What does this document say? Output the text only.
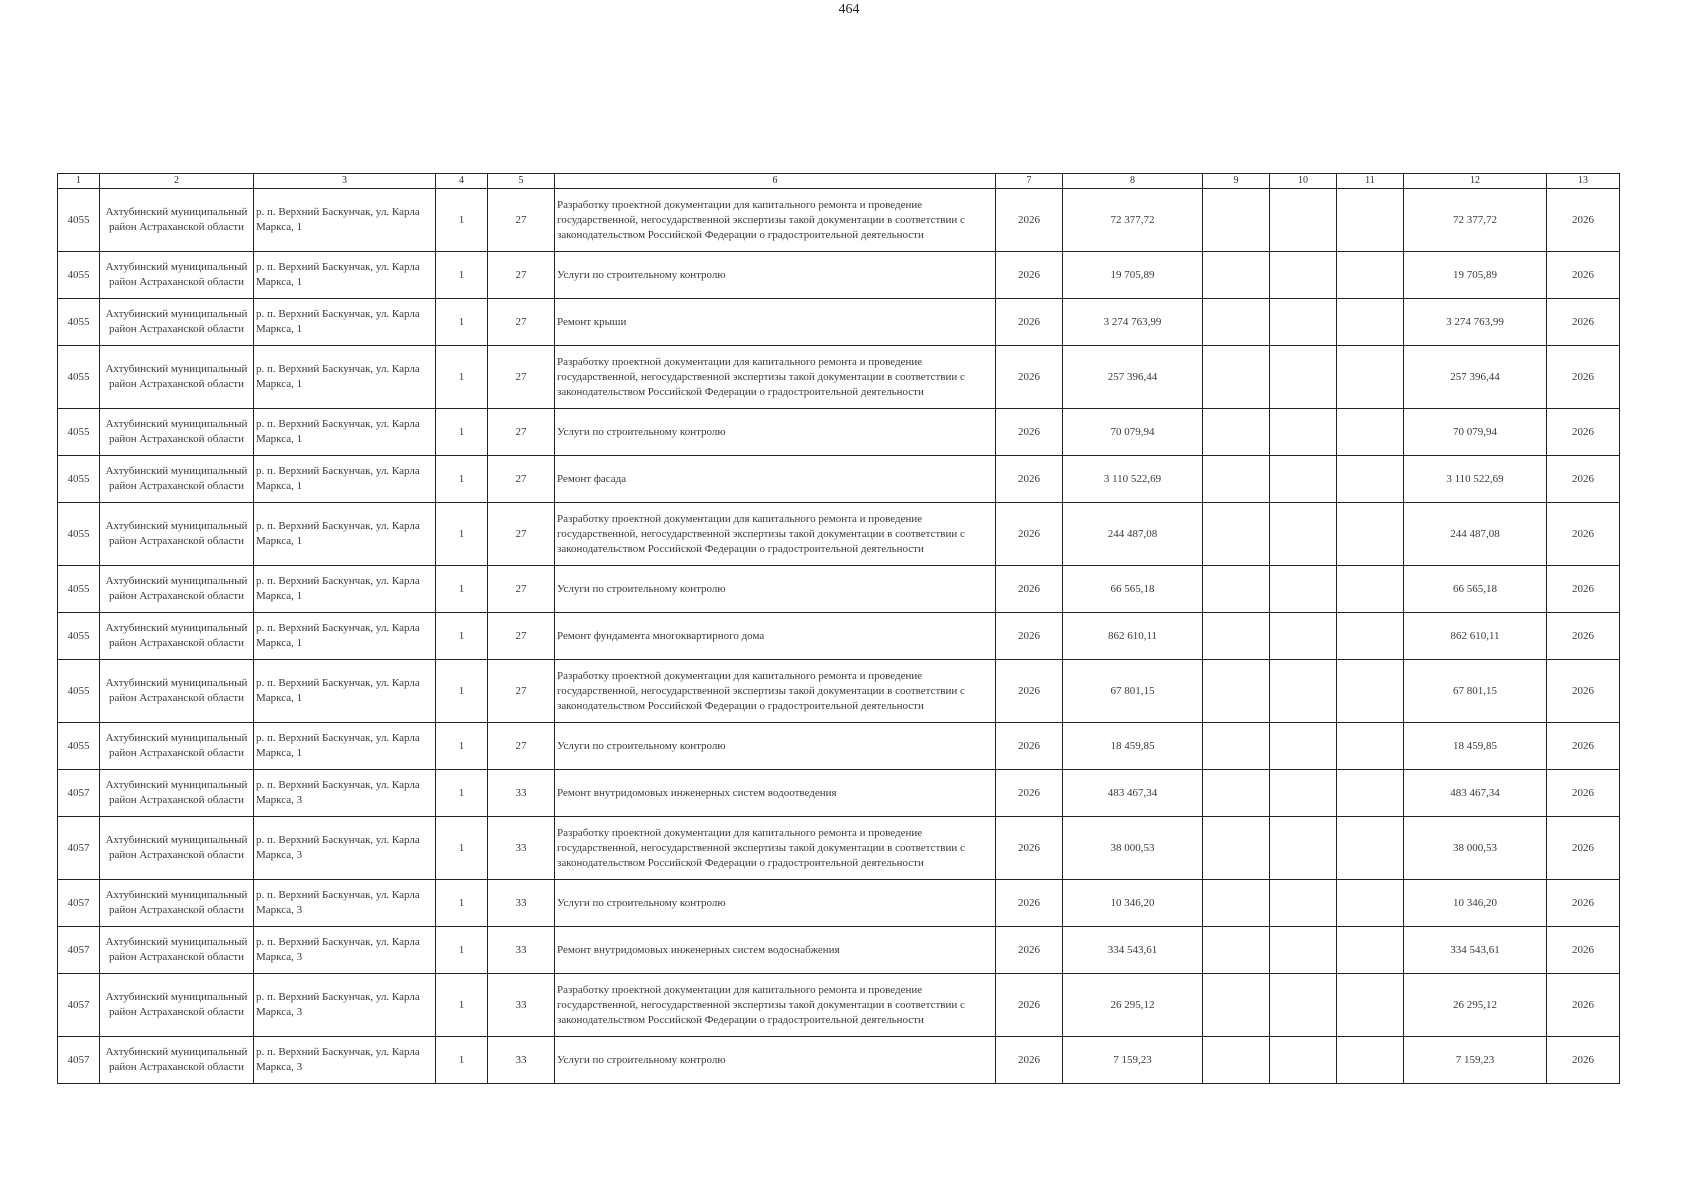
464
1	2	3	4	5	6	7	8	9	10	11	12	13
4055	Ахтубинский муниципальный район Астраханской области	р. п. Верхний Баскунчак, ул. Карла Маркса, 1	1	27	Разработку проектной документации для капитального ремонта и проведение государственной, негосударственной экспертизы такой документации в соответствии с законодательством Российской Федерации о градостроительной деятельности	2026	72 377,72				72 377,72	2026
4055	Ахтубинский муниципальный район Астраханской области	р. п. Верхний Баскунчак, ул. Карла Маркса, 1	1	27	Услуги по строительному контролю	2026	19 705,89				19 705,89	2026
4055	Ахтубинский муниципальный район Астраханской области	р. п. Верхний Баскунчак, ул. Карла Маркса, 1	1	27	Ремонт крыши	2026	3 274 763,99				3 274 763,99	2026
4055	Ахтубинский муниципальный район Астраханской области	р. п. Верхний Баскунчак, ул. Карла Маркса, 1	1	27	Разработку проектной документации для капитального ремонта и проведение государственной, негосударственной экспертизы такой документации в соответствии с законодательством Российской Федерации о градостроительной деятельности	2026	257 396,44				257 396,44	2026
4055	Ахтубинский муниципальный район Астраханской области	р. п. Верхний Баскунчак, ул. Карла Маркса, 1	1	27	Услуги по строительному контролю	2026	70 079,94				70 079,94	2026
4055	Ахтубинский муниципальный район Астраханской области	р. п. Верхний Баскунчак, ул. Карла Маркса, 1	1	27	Ремонт фасада	2026	3 110 522,69				3 110 522,69	2026
4055	Ахтубинский муниципальный район Астраханской области	р. п. Верхний Баскунчак, ул. Карла Маркса, 1	1	27	Разработку проектной документации для капитального ремонта и проведение государственной, негосударственной экспертизы такой документации в соответствии с законодательством Российской Федерации о градостроительной деятельности	2026	244 487,08				244 487,08	2026
4055	Ахтубинский муниципальный район Астраханской области	р. п. Верхний Баскунчак, ул. Карла Маркса, 1	1	27	Услуги по строительному контролю	2026	66 565,18				66 565,18	2026
4055	Ахтубинский муниципальный район Астраханской области	р. п. Верхний Баскунчак, ул. Карла Маркса, 1	1	27	Ремонт фундамента многоквартирного дома	2026	862 610,11				862 610,11	2026
4055	Ахтубинский муниципальный район Астраханской области	р. п. Верхний Баскунчак, ул. Карла Маркса, 1	1	27	Разработку проектной документации для капитального ремонта и проведение государственной, негосударственной экспертизы такой документации в соответствии с законодательством Российской Федерации о градостроительной деятельности	2026	67 801,15				67 801,15	2026
4055	Ахтубинский муниципальный район Астраханской области	р. п. Верхний Баскунчак, ул. Карла Маркса, 1	1	27	Услуги по строительному контролю	2026	18 459,85				18 459,85	2026
4057	Ахтубинский муниципальный район Астраханской области	р. п. Верхний Баскунчак, ул. Карла Маркса, 3	1	33	Ремонт внутридомовых инженерных систем водоотведения	2026	483 467,34				483 467,34	2026
4057	Ахтубинский муниципальный район Астраханской области	р. п. Верхний Баскунчак, ул. Карла Маркса, 3	1	33	Разработку проектной документации для капитального ремонта и проведение государственной, негосударственной экспертизы такой документации в соответствии с законодательством Российской Федерации о градостроительной деятельности	2026	38 000,53				38 000,53	2026
4057	Ахтубинский муниципальный район Астраханской области	р. п. Верхний Баскунчак, ул. Карла Маркса, 3	1	33	Услуги по строительному контролю	2026	10 346,20				10 346,20	2026
4057	Ахтубинский муниципальный район Астраханской области	р. п. Верхний Баскунчак, ул. Карла Маркса, 3	1	33	Ремонт внутридомовых инженерных систем водоснабжения	2026	334 543,61				334 543,61	2026
4057	Ахтубинский муниципальный район Астраханской области	р. п. Верхний Баскунчак, ул. Карла Маркса, 3	1	33	Разработку проектной документации для капитального ремонта и проведение государственной, негосударственной экспертизы такой документации в соответствии с законодательством Российской Федерации о градостроительной деятельности	2026	26 295,12				26 295,12	2026
4057	Ахтубинский муниципальный район Астраханской области	р. п. Верхний Баскунчак, ул. Карла Маркса, 3	1	33	Услуги по строительному контролю	2026	7 159,23				7 159,23	2026
